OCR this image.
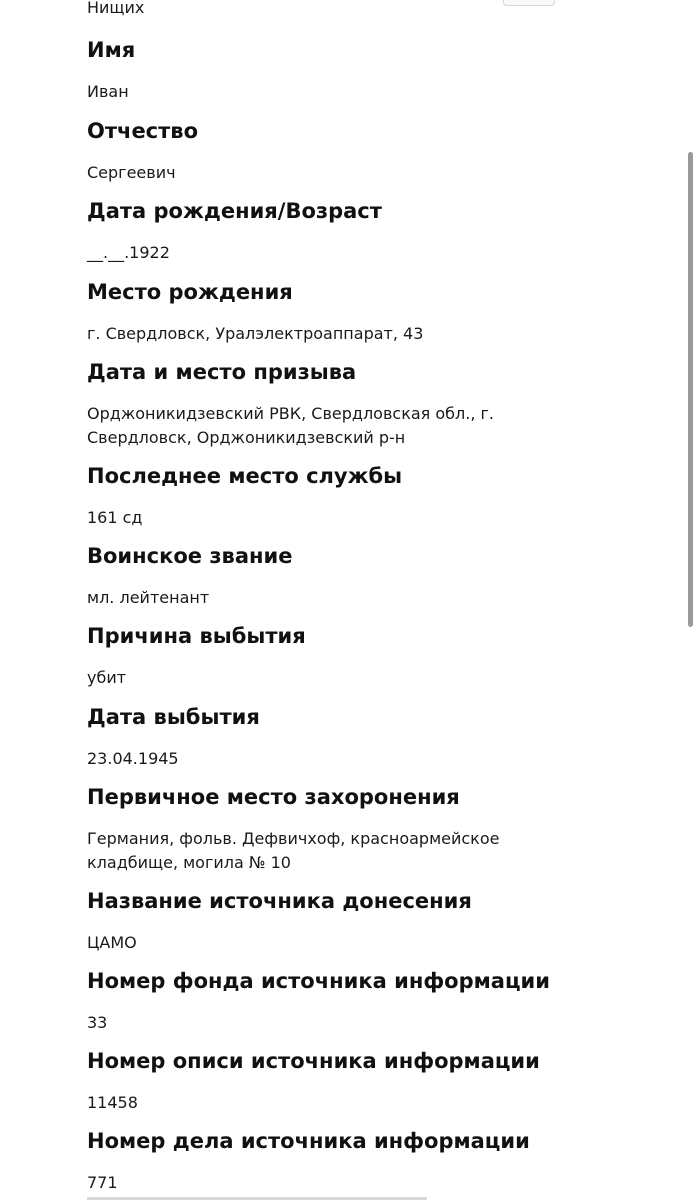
Нищих
Имя
Иван
Отчество
Сергеевич
Дата рождения/Возраст
__.__.1922
Место рождения
г. Свердловск, Уралэлектроаппарат, 43
Дата и место призыва
Орджоникидзевский РВК, Свердловская обл., г. Свердловск, Орджоникидзевский р-н
Последнее место службы
161 сд
Воинское звание
мл. лейтенант
Причина выбытия
убит
Дата выбытия
23.04.1945
Первичное место захоронения
Германия, фольв. Дефвичхоф, красноармейское кладбище, могила № 10
Название источника донесения
ЦАМО
Номер фонда источника информации
33
Номер описи источника информации
11458
Номер дела источника информации
771
